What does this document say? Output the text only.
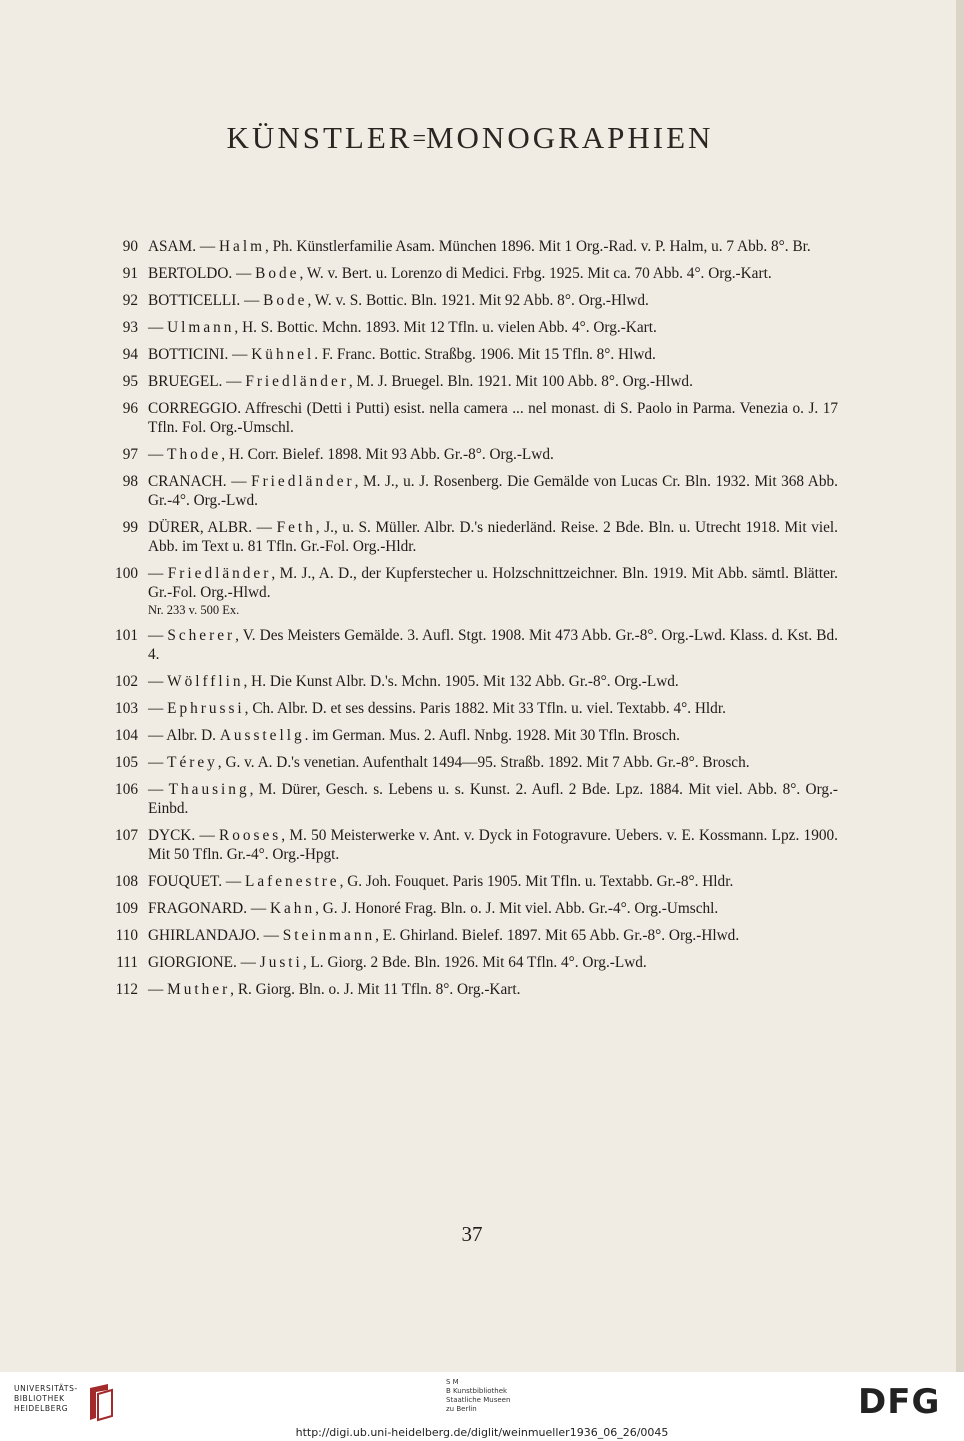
KÜNSTLER=MONOGRAPHIEN
90 ASAM. — Halm, Ph. Künstlerfamilie Asam. München 1896. Mit 1 Org.-Rad. v. P. Halm, u. 7 Abb. 8°. Br.
91 BERTOLDO. — Bode, W. v. Bert. u. Lorenzo di Medici. Frbg. 1925. Mit ca. 70 Abb. 4°. Org.-Kart.
92 BOTTICELLI. — Bode, W. v. S. Bottic. Bln. 1921. Mit 92 Abb. 8°. Org.-Hlwd.
93 — Ulmann, H. S. Bottic. Mchn. 1893. Mit 12 Tfln. u. vielen Abb. 4°. Org.-Kart.
94 BOTTICINI. — Kühnel. F. Franc. Bottic. Straßbg. 1906. Mit 15 Tfln. 8°. Hlwd.
95 BRUEGEL. — Friedländer, M. J. Bruegel. Bln. 1921. Mit 100 Abb. 8°. Org.-Hlwd.
96 CORREGGIO. Affreschi (Detti i Putti) esist. nella camera ... nel monast. di S. Paolo in Parma. Venezia o. J. 17 Tfln. Fol. Org.-Umschl.
97 — Thode, H. Corr. Bielef. 1898. Mit 93 Abb. Gr.-8°. Org.-Lwd.
98 CRANACH. — Friedländer, M. J., u. J. Rosenberg. Die Gemälde von Lucas Cr. Bln. 1932. Mit 368 Abb. Gr.-4°. Org.-Lwd.
99 DÜRER, ALBR. — Feth, J., u. S. Müller. Albr. D.'s niederländ. Reise. 2 Bde. Bln. u. Utrecht 1918. Mit viel. Abb. im Text u. 81 Tfln. Gr.-Fol. Org.-Hldr.
100 — Friedländer, M. J., A. D., der Kupferstecher u. Holzschnittzeichner. Bln. 1919. Mit Abb. sämtl. Blätter. Gr.-Fol. Org.-Hlwd.
Nr. 233 v. 500 Ex.
101 — Scherer, V. Des Meisters Gemälde. 3. Aufl. Stgt. 1908. Mit 473 Abb. Gr.-8°. Org.-Lwd. Klass. d. Kst. Bd. 4.
102 — Wölfflin, H. Die Kunst Albr. D.'s. Mchn. 1905. Mit 132 Abb. Gr.-8°. Org.-Lwd.
103 — Ephrussi, Ch. Albr. D. et ses dessins. Paris 1882. Mit 33 Tfln. u. viel. Textabb. 4°. Hldr.
104 — Albr. D. Ausstellg. im German. Mus. 2. Aufl. Nnbg. 1928. Mit 30 Tfln. Brosch.
105 — Térey, G. v. A. D.'s venetian. Aufenthalt 1494—95. Straßb. 1892. Mit 7 Abb. Gr.-8°. Brosch.
106 — Thausing, M. Dürer, Gesch. s. Lebens u. s. Kunst. 2. Aufl. 2 Bde. Lpz. 1884. Mit viel. Abb. 8°. Org.-Einbd.
107 DYCK. — Rooses, M. 50 Meisterwerke v. Ant. v. Dyck in Fotogravure. Uebers. v. E. Kossmann. Lpz. 1900. Mit 50 Tfln. Gr.-4°. Org.-Hpgt.
108 FOUQUET. — Lafenestre, G. Joh. Fouquet. Paris 1905. Mit Tfln. u. Textabb. Gr.-8°. Hldr.
109 FRAGONARD. — Kahn, G. J. Honoré Frag. Bln. o. J. Mit viel. Abb. Gr.-4°. Org.-Umschl.
110 GHIRLANDAJO. — Steinmann, E. Ghirland. Bielef. 1897. Mit 65 Abb. Gr.-8°. Org.-Hlwd.
111 GIORGIONE. — Justi, L. Giorg. 2 Bde. Bln. 1926. Mit 64 Tfln. 4°. Org.-Lwd.
112 — Muther, R. Giorg. Bln. o. J. Mit 11 Tfln. 8°. Org.-Kart.
37
UNIVERSITÄTS-
BIBLIOTHEK
HEIDELBERG
S M
B Kunstbibliothek
Staatliche Museen
zu Berlin	DFG
http://digi.ub.uni-heidelberg.de/diglit/weinmueller1936_06_26/0045
